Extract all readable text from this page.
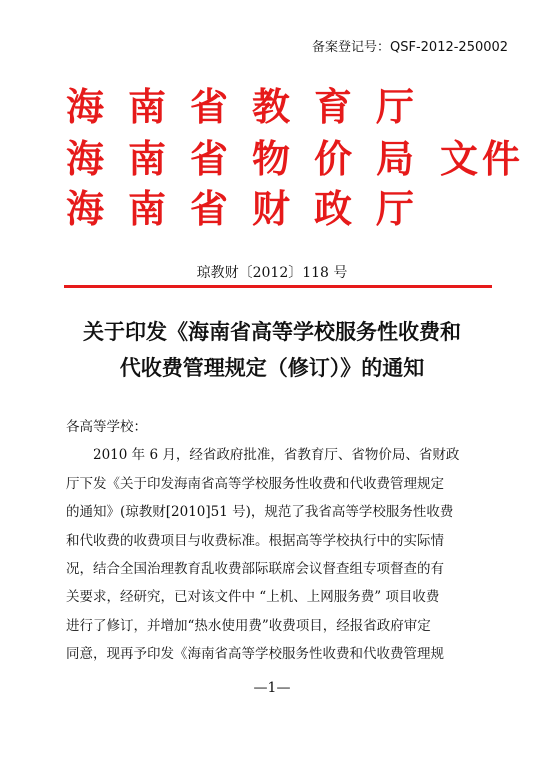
备案登记号：QSF-2012-250002
海南省教育厅
海南省物价局 文件
海南省财政厅
琼教财〔2012〕118 号
关于印发《海南省高等学校服务性收费和
代收费管理规定（修订）》的通知
各高等学校：
2010 年 6 月，经省政府批准，省教育厅、省物价局、省财政
厅下发《关于印发海南省高等学校服务性收费和代收费管理规定
的通知》(琼教财[2010]51 号)，规范了我省高等学校服务性收费
和代收费的收费项目与收费标准。根据高等学校执行中的实际情
况，结合全国治理教育乱收费部际联席会议督查组专项督查的有
关要求，经研究，已对该文件中 “上机、上网服务费” 项目收费
进行了修订，并增加“热水使用费”收费项目，经报省政府审定
同意，现再予印发《海南省高等学校服务性收费和代收费管理规
—1—
